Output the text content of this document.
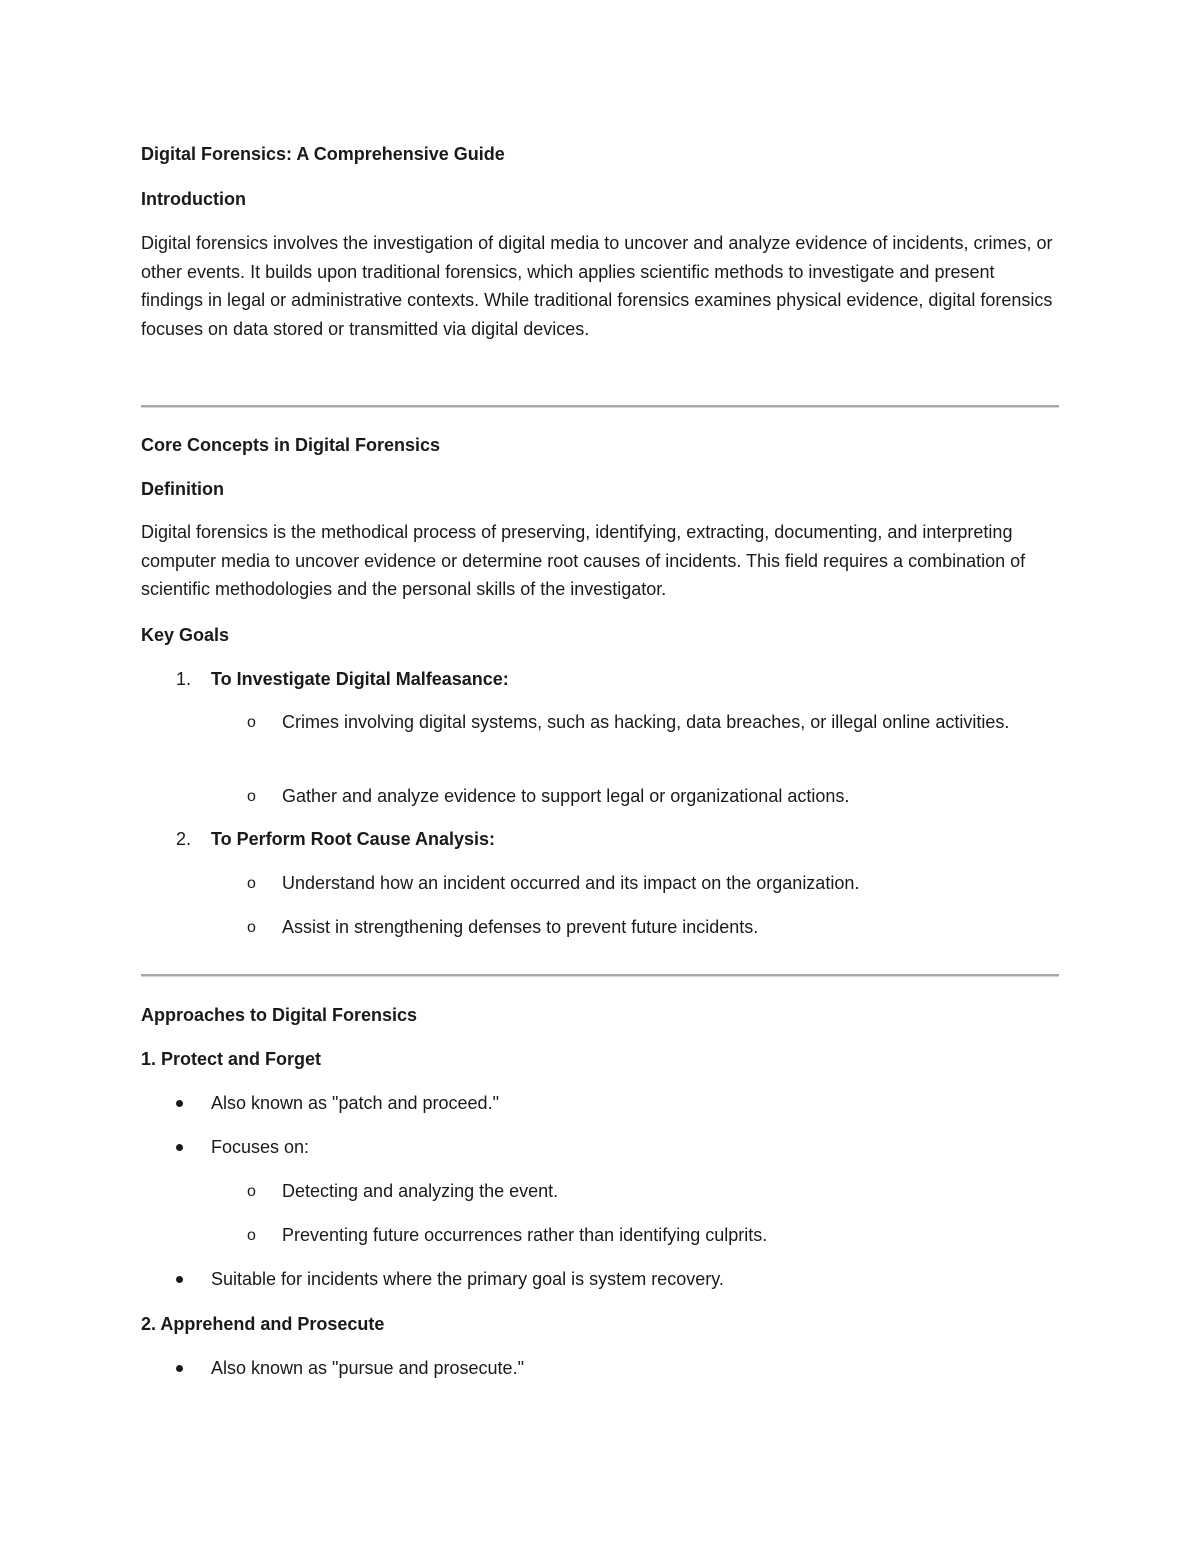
Digital Forensics: A Comprehensive Guide
Introduction
Digital forensics involves the investigation of digital media to uncover and analyze evidence of incidents, crimes, or other events. It builds upon traditional forensics, which applies scientific methods to investigate and present findings in legal or administrative contexts. While traditional forensics examines physical evidence, digital forensics focuses on data stored or transmitted via digital devices.
Core Concepts in Digital Forensics
Definition
Digital forensics is the methodical process of preserving, identifying, extracting, documenting, and interpreting computer media to uncover evidence or determine root causes of incidents. This field requires a combination of scientific methodologies and the personal skills of the investigator.
Key Goals
1. To Investigate Digital Malfeasance:
o Crimes involving digital systems, such as hacking, data breaches, or illegal online activities.
o Gather and analyze evidence to support legal or organizational actions.
2. To Perform Root Cause Analysis:
o Understand how an incident occurred and its impact on the organization.
o Assist in strengthening defenses to prevent future incidents.
Approaches to Digital Forensics
1. Protect and Forget
Also known as "patch and proceed."
Focuses on:
o Detecting and analyzing the event.
o Preventing future occurrences rather than identifying culprits.
Suitable for incidents where the primary goal is system recovery.
2. Apprehend and Prosecute
Also known as "pursue and prosecute."
